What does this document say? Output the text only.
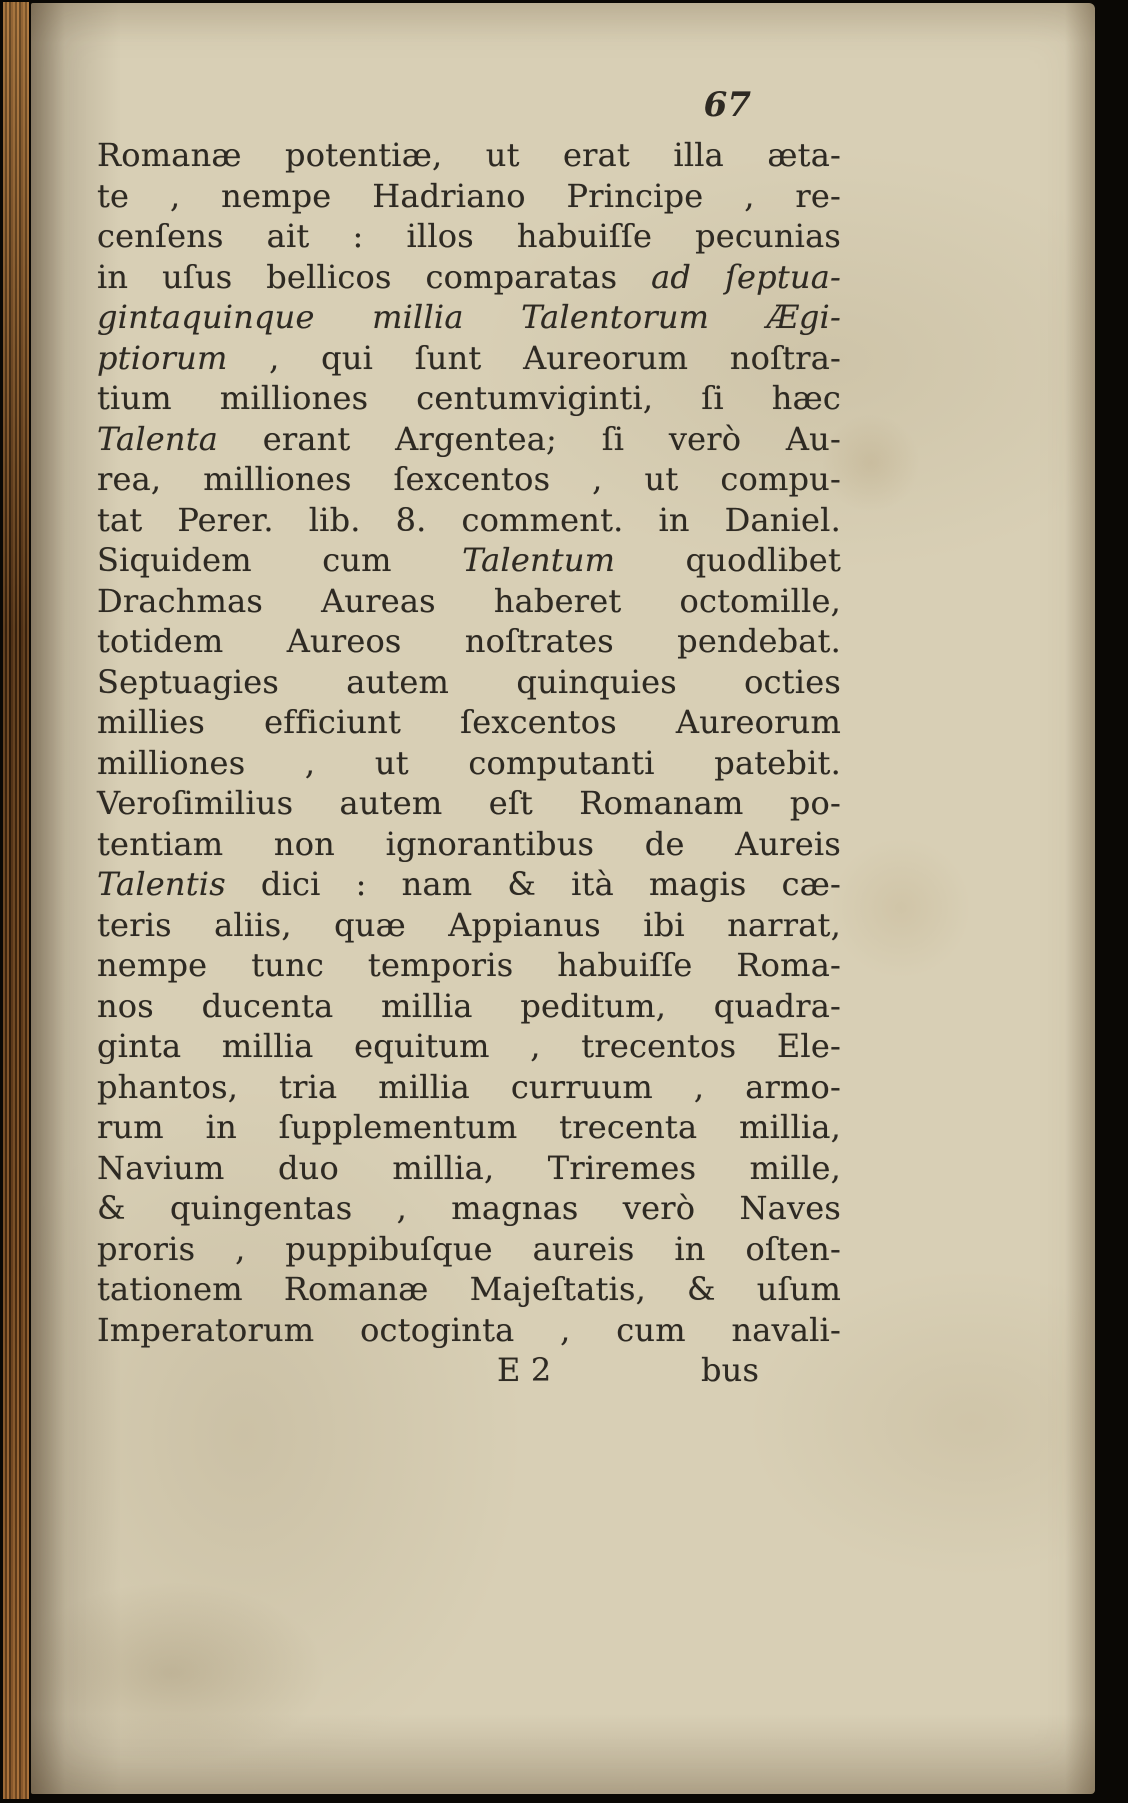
67
Romanæ potentiæ, ut erat illa æta-
te , nempe Hadriano Principe , re-
cenſens ait : illos habuiſſe pecunias
in uſus bellicos comparatas ad ſeptua-
gintaquinque millia Talentorum Ægi-
ptiorum , qui ſunt Aureorum noſtra-
tium milliones centumviginti, ſi hæc
Talenta erant Argentea; ſi verò Au-
rea, milliones ſexcentos , ut compu-
tat Perer. lib. 8. comment. in Daniel.
Siquidem cum Talentum quodlibet
Drachmas Aureas haberet octomille,
totidem Aureos noſtrates pendebat.
Septuagies autem quinquies octies
millies efficiunt ſexcentos Aureorum
milliones , ut computanti patebit.
Veroſimilius autem eſt Romanam po-
tentiam non ignorantibus de Aureis
Talentis dici : nam & ità magis cæ-
teris aliis, quæ Appianus ibi narrat,
nempe tunc temporis habuiſſe Roma-
nos ducenta millia peditum, quadra-
ginta millia equitum , trecentos Ele-
phantos, tria millia curruum , armo-
rum in ſupplementum trecenta millia,
Navium duo millia, Triremes mille,
& quingentas , magnas verò Naves
proris , puppibuſque aureis in oſten-
tationem Romanæ Majeſtatis, & uſum
Imperatorum octoginta , cum navali-
E 2	bus
